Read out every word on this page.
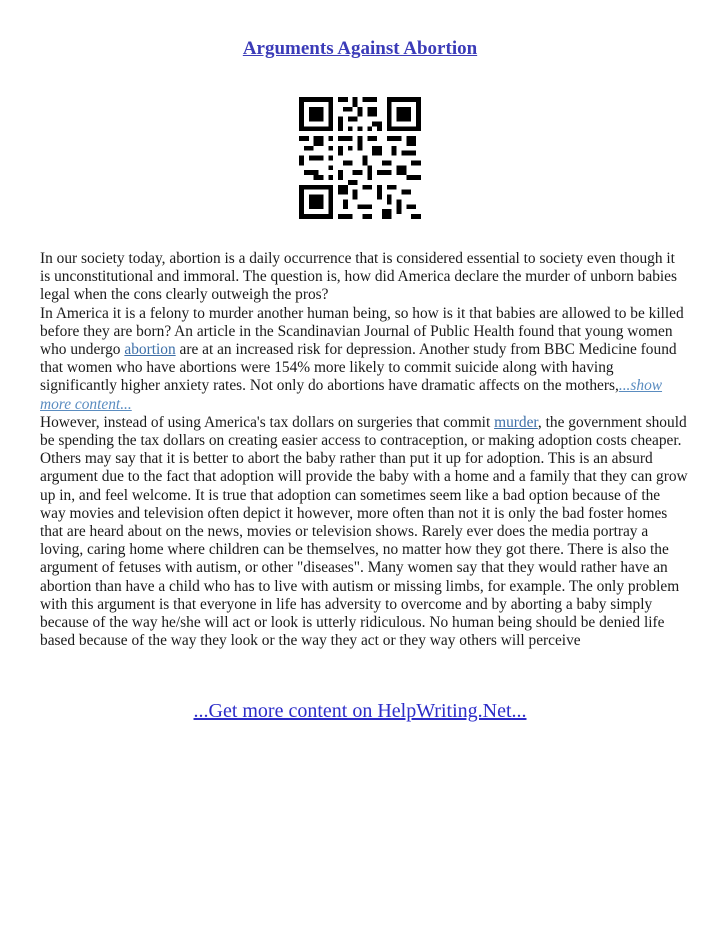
Arguments Against Abortion

In our society today, abortion is a daily occurrence that is considered essential to society even though it is unconstitutional and immoral. The question is, how did America declare the murder of unborn babies legal when the cons clearly outweigh the pros?

In America it is a felony to murder another human being, so how is it that babies are allowed to be killed before they are born? An article in the Scandinavian Journal of Public Health found that young women who undergo abortion are at an increased risk for depression. Another study from BBC Medicine found that women who have abortions were 154% more likely to commit suicide along with having significantly higher anxiety rates. Not only do abortions have dramatic affects on the mothers,...show more content...

However, instead of using America's tax dollars on surgeries that commit murder, the government should be spending the tax dollars on creating easier access to contraception, or making adoption costs cheaper. Others may say that it is better to abort the baby rather than put it up for adoption. This is an absurd argument due to the fact that adoption will provide the baby with a home and a family that they can grow up in, and feel welcome. It is true that adoption can sometimes seem like a bad option because of the way movies and television often depict it however, more often than not it is only the bad foster homes that are heard about on the news, movies or television shows. Rarely ever does the media portray a loving, caring home where children can be themselves, no matter how they got there. There is also the argument of fetuses with autism, or other "diseases". Many women say that they would rather have an abortion than have a child who has to live with autism or missing limbs, for example. The only problem with this argument is that everyone in life has adversity to overcome and by aborting a baby simply because of the way he/she will act or look is utterly ridiculous. No human being should be denied life based because of the way they look or the way they act or they way others will perceive

...Get more content on HelpWriting.Net...
